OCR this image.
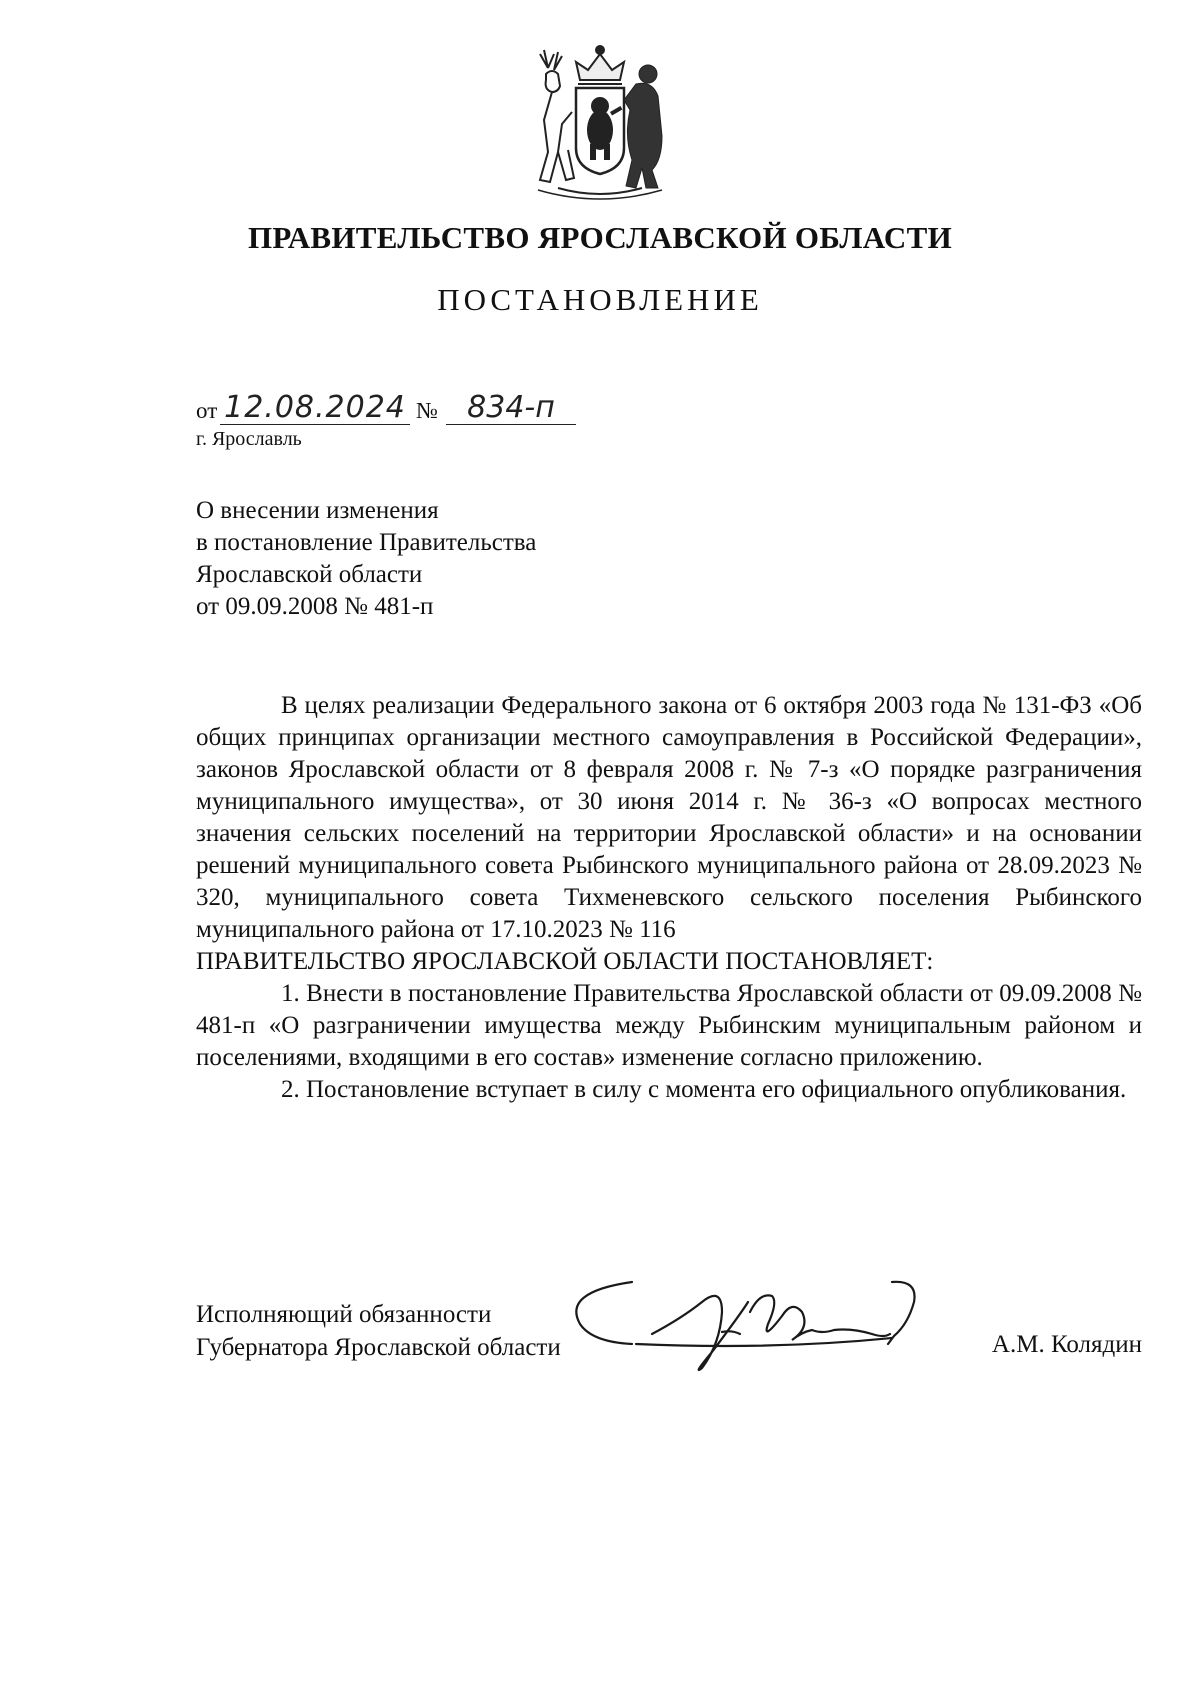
ПРАВИТЕЛЬСТВО ЯРОСЛАВСКОЙ ОБЛАСТИ
ПОСТАНОВЛЕНИЕ
от 12.08.2024 № 834-п
г. Ярославль
О внесении изменения
в постановление Правительства
Ярославской области
от 09.09.2008 № 481-п

В целях реализации Федерального закона от 6 октября 2003 года № 131-ФЗ «Об общих принципах организации местного самоуправления в Российской Федерации», законов Ярославской области от 8 февраля 2008 г. № 7-з «О порядке разграничения муниципального имущества», от 30 июня 2014 г. № 36-з «О вопросах местного значения сельских поселений на территории Ярославской области» и на основании решений муниципального совета Рыбинского муниципального района от 28.09.2023 № 320, муниципального совета Тихменевского сельского поселения Рыбинского муниципального района от 17.10.2023 № 116

ПРАВИТЕЛЬСТВО ЯРОСЛАВСКОЙ ОБЛАСТИ ПОСТАНОВЛЯЕТ:

1. Внести в постановление Правительства Ярославской области от 09.09.2008 № 481-п «О разграничении имущества между Рыбинским муниципальным районом и поселениями, входящими в его состав» изменение согласно приложению.

2. Постановление вступает в силу с момента его официального опубликования.

Исполняющий обязанности
Губернатора Ярославской области	А.М. Колядин
